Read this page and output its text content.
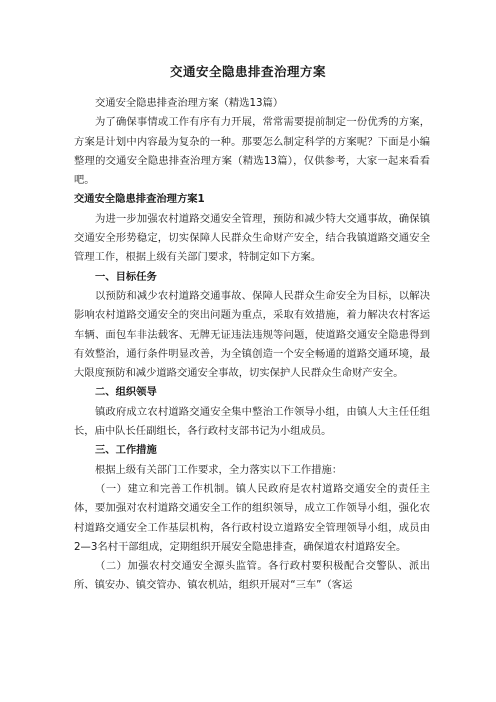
交通安全隐患排查治理方案

交通安全隐患排查治理方案（精选13篇）

为了确保事情或工作有序有力开展，常常需要提前制定一份优秀的方案，方案是计划中内容最为复杂的一种。那要怎么制定科学的方案呢？下面是小编整理的交通安全隐患排查治理方案（精选13篇），仅供参考，大家一起来看看吧。

交通安全隐患排查治理方案1

为进一步加强农村道路交通安全管理，预防和减少特大交通事故，确保镇交通安全形势稳定，切实保障人民群众生命财产安全，结合我镇道路交通安全管理工作，根据上级有关部门要求，特制定如下方案。

一、目标任务

以预防和减少农村道路交通事故、保障人民群众生命安全为目标，以解决影响农村道路交通安全的突出问题为重点，采取有效措施，着力解决农村客运车辆、面包车非法载客、无牌无证违法违规等问题，使道路交通安全隐患得到有效整治，通行条件明显改善，为全镇创造一个安全畅通的道路交通环境，最大限度预防和减少道路交通安全事故，切实保护人民群众生命财产安全。

二、组织领导

镇政府成立农村道路交通安全集中整治工作领导小组，由镇人大主任任组长，庙中队长任副组长，各行政村支部书记为小组成员。

三、工作措施

根据上级有关部门工作要求，全力落实以下工作措施：

（一）建立和完善工作机制。镇人民政府是农村道路交通安全的责任主体，要加强对农村道路交通安全工作的组织领导，成立工作领导小组，强化农村道路交通安全工作基层机构，各行政村设立道路安全管理领导小组，成员由2—3名村干部组成，定期组织开展安全隐患排查，确保道农村道路安全。

（二）加强农村交通安全源头监管。各行政村要积极配合交警队、派出所、镇安办、镇交管办、镇农机站，组织开展对“三车”（客运
